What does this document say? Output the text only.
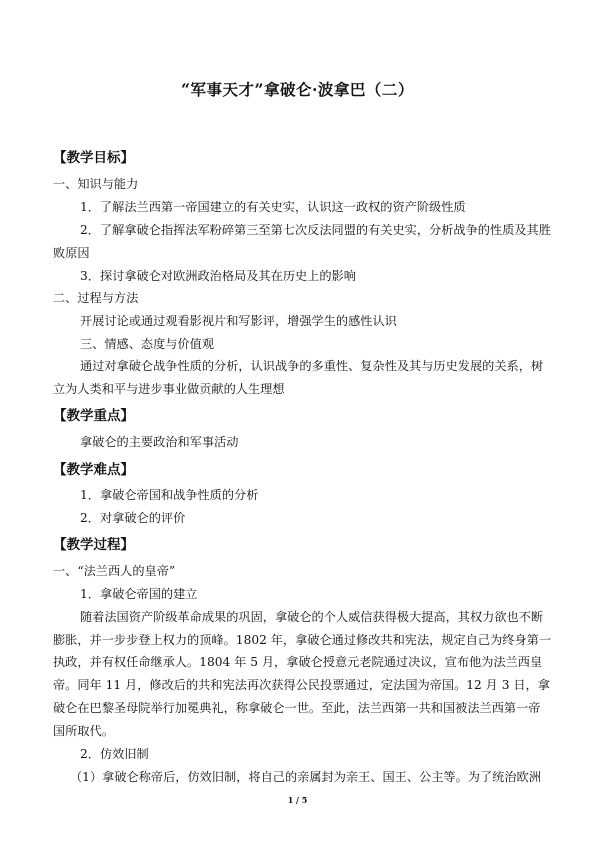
“军事天才”拿破仑·波拿巴（二）
【教学目标】
一、知识与能力
1．了解法兰西第一帝国建立的有关史实，认识这一政权的资产阶级性质
2．了解拿破仑指挥法军粉碎第三至第七次反法同盟的有关史实，分析战争的性质及其胜
败原因
3．探讨拿破仑对欧洲政治格局及其在历史上的影响
二、过程与方法
开展讨论或通过观看影视片和写影评，增强学生的感性认识
三、情感、态度与价值观
通过对拿破仑战争性质的分析，认识战争的多重性、复杂性及其与历史发展的关系，树
立为人类和平与进步事业做贡献的人生理想
【教学重点】
拿破仑的主要政治和军事活动
【教学难点】
1．拿破仑帝国和战争性质的分析
2．对拿破仑的评价
【教学过程】
一、“法兰西人的皇帝”
1．拿破仑帝国的建立
随着法国资产阶级革命成果的巩固，拿破仑的个人威信获得极大提高，其权力欲也不断
膨胀，并一步步登上权力的顶峰。1802 年，拿破仑通过修改共和宪法，规定自己为终身第一
执政，并有权任命继承人。1804 年 5 月，拿破仑授意元老院通过决议，宣布他为法兰西皇
帝。同年 11 月，修改后的共和宪法再次获得公民投票通过，定法国为帝国。12 月 3 日，拿
破仑在巴黎圣母院举行加冕典礼，称拿破仑一世。至此，法兰西第一共和国被法兰西第一帝
国所取代。
2．仿效旧制
（1）拿破仑称帝后，仿效旧制，将自己的亲属封为亲王、国王、公主等。为了统治欧洲
1 / 5
